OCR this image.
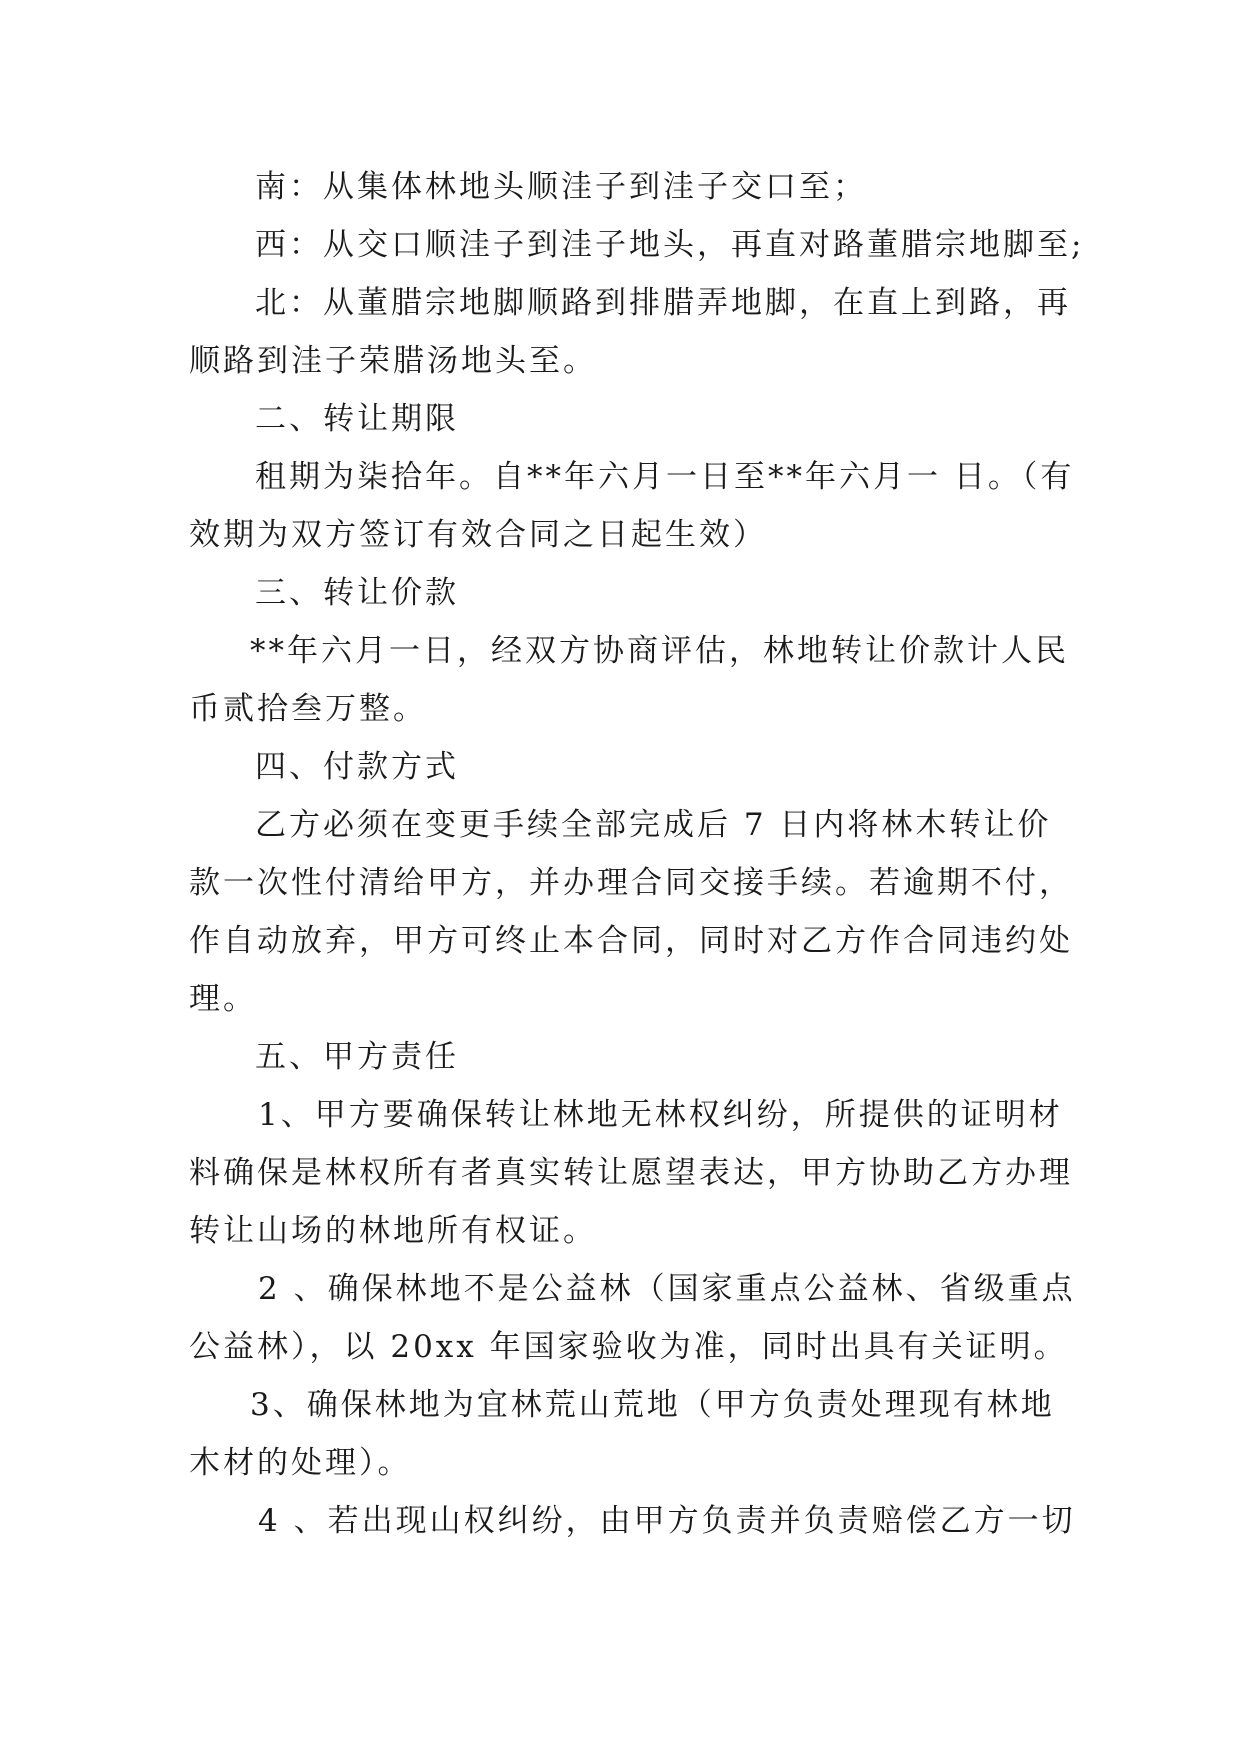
南：从集体林地头顺洼子到洼子交口至；

西：从交口顺洼子到洼子地头，再直对路董腊宗地脚至;

北：从董腊宗地脚顺路到排腊弄地脚，在直上到路，再

顺路到洼子荣腊汤地头至。

二、转让期限

租期为柒拾年。自**年六月一日至**年六月一 日。（有

效期为双方签订有效合同之日起生效）

三、转让价款

**年六月一日，经双方协商评估，林地转让价款计人民

币贰拾叁万整。

四、付款方式

乙方必须在变更手续全部完成后 7 日内将林木转让价

款一次性付清给甲方，并办理合同交接手续。若逾期不付，

作自动放弃，甲方可终止本合同，同时对乙方作合同违约处

理。

五、甲方责任

1、甲方要确保转让林地无林权纠纷，所提供的证明材

料确保是林权所有者真实转让愿望表达，甲方协助乙方办理

转让山场的林地所有权证。

2 、确保林地不是公益林（国家重点公益林、省级重点

公益林），以 20xx 年国家验收为准，同时出具有关证明。

3、确保林地为宜林荒山荒地（甲方负责处理现有林地

木材的处理）。

4 、若出现山权纠纷，由甲方负责并负责赔偿乙方一切
